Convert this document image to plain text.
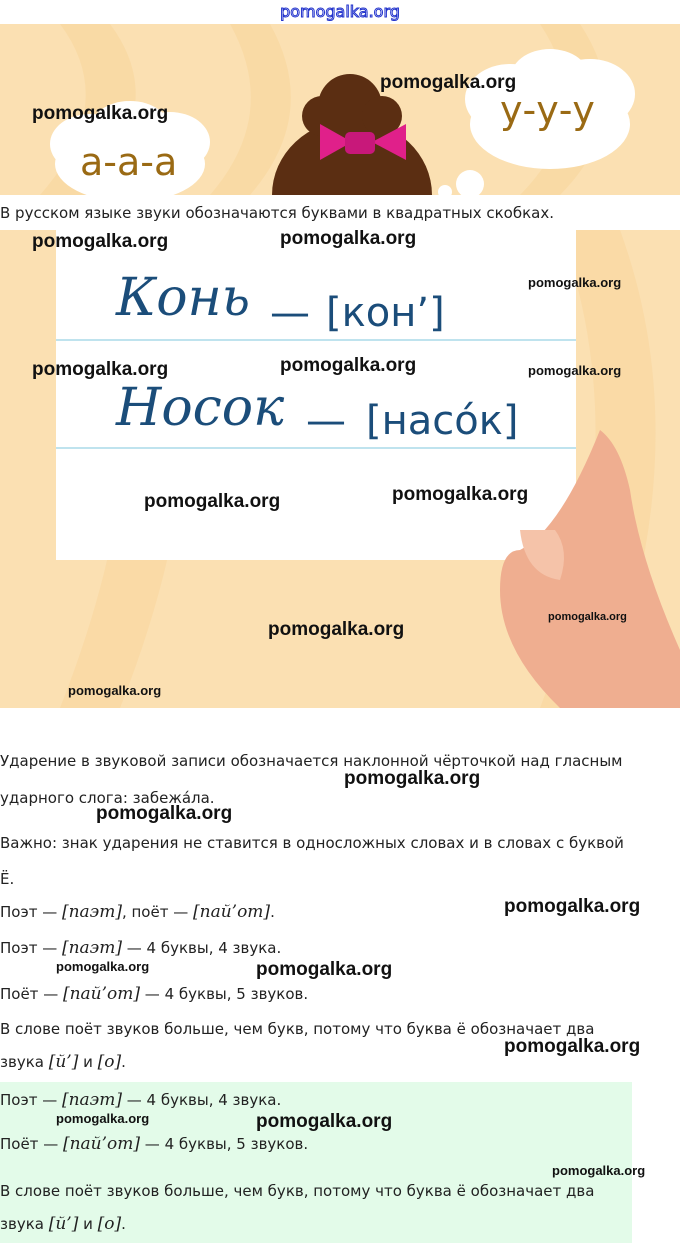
pomogalka.org
а-а-а
у-у-у
В русском языке звуки обозначаются буквами в квадратных скобках.
Конь — [кон’]
Носок — [насóк]
Ударение в звуковой записи обозначается наклонной чёрточкой над гласным
ударного слога: забежáла.
Важно: знак ударения не ставится в односложных словах и в словах с буквой
Ё.
Поэт — [паэт], поёт — [пай’от].
Поэт — [паэт] — 4 буквы, 4 звука.
Поёт — [пай’от] — 4 буквы, 5 звуков.
В слове поёт звуков больше, чем букв, потому что буква ё обозначает два
звука [й’] и [о].
Поэт — [паэт] — 4 буквы, 4 звука.
Поёт — [пай’от] — 4 буквы, 5 звуков.
В слове поёт звуков больше, чем букв, потому что буква ё обозначает два
звука [й’] и [о].
pomogalka.org
pomogalka.org
pomogalka.org	pomogalka.org
pomogalka.org
pomogalka.org	pomogalka.org	pomogalka.org
pomogalka.org	pomogalka.org
pomogalka.org
pomogalka.org
pomogalka.org
pomogalka.org
pomogalka.org
pomogalka.org
pomogalka.org	pomogalka.org
pomogalka.org
pomogalka.org	pomogalka.org
pomogalka.org
